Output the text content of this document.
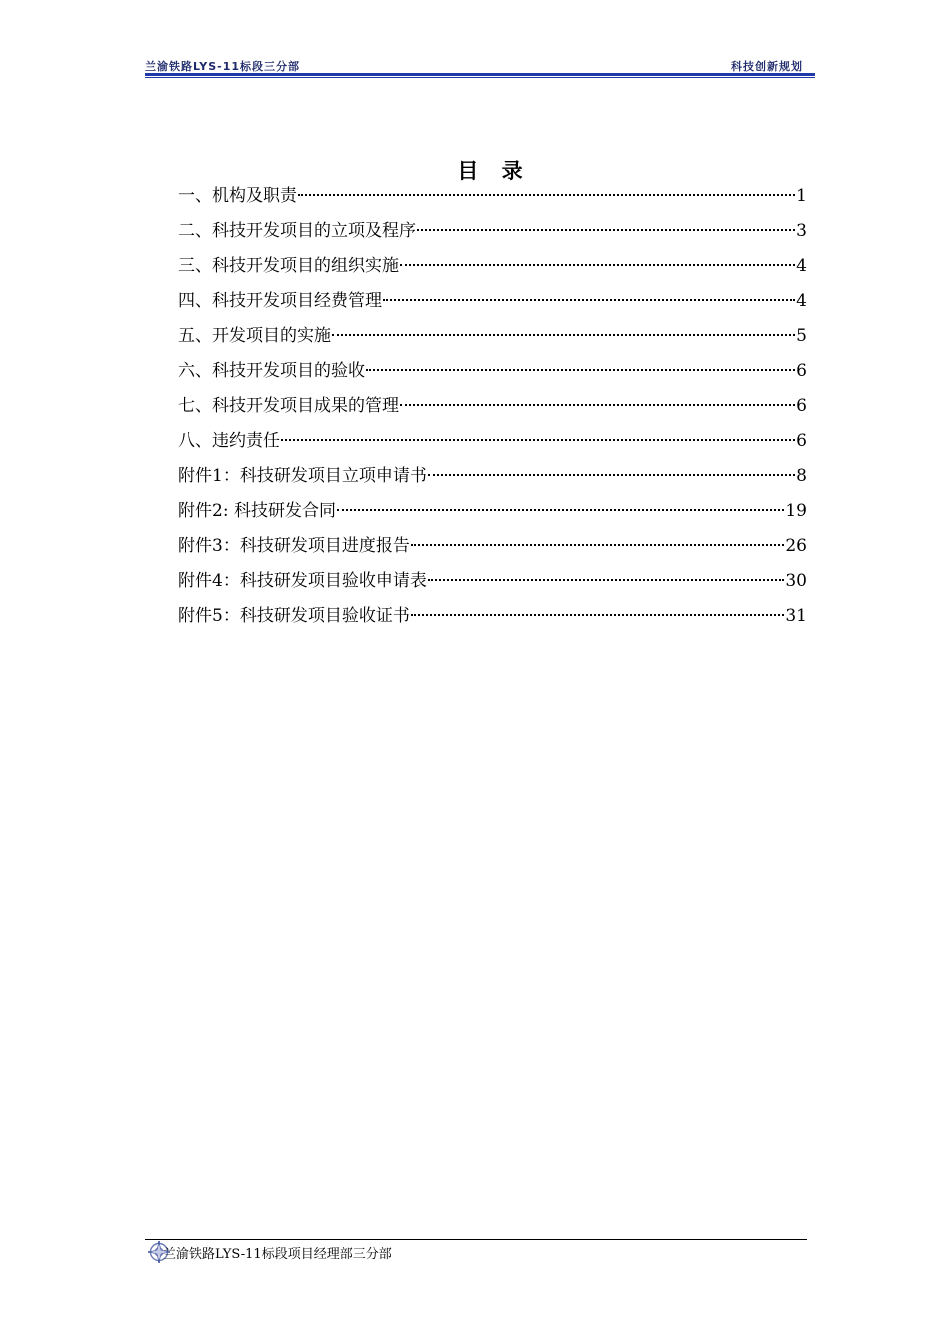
兰渝铁路LYS-11标段三分部	科技创新规划
目 录
一、机构及职责	1
二、科技开发项目的立项及程序	3
三、科技开发项目的组织实施	4
四、科技开发项目经费管理	4
五、开发项目的实施	5
六、科技开发项目的验收	6
七、科技开发项目成果的管理	6
八、违约责任	6
附件1：科技研发项目立项申请书	8
附件2: 科技研发合同	19
附件3：科技研发项目进度报告	26
附件4：科技研发项目验收申请表	30
附件5：科技研发项目验收证书	31
兰渝铁路LYS-11标段项目经理部三分部
